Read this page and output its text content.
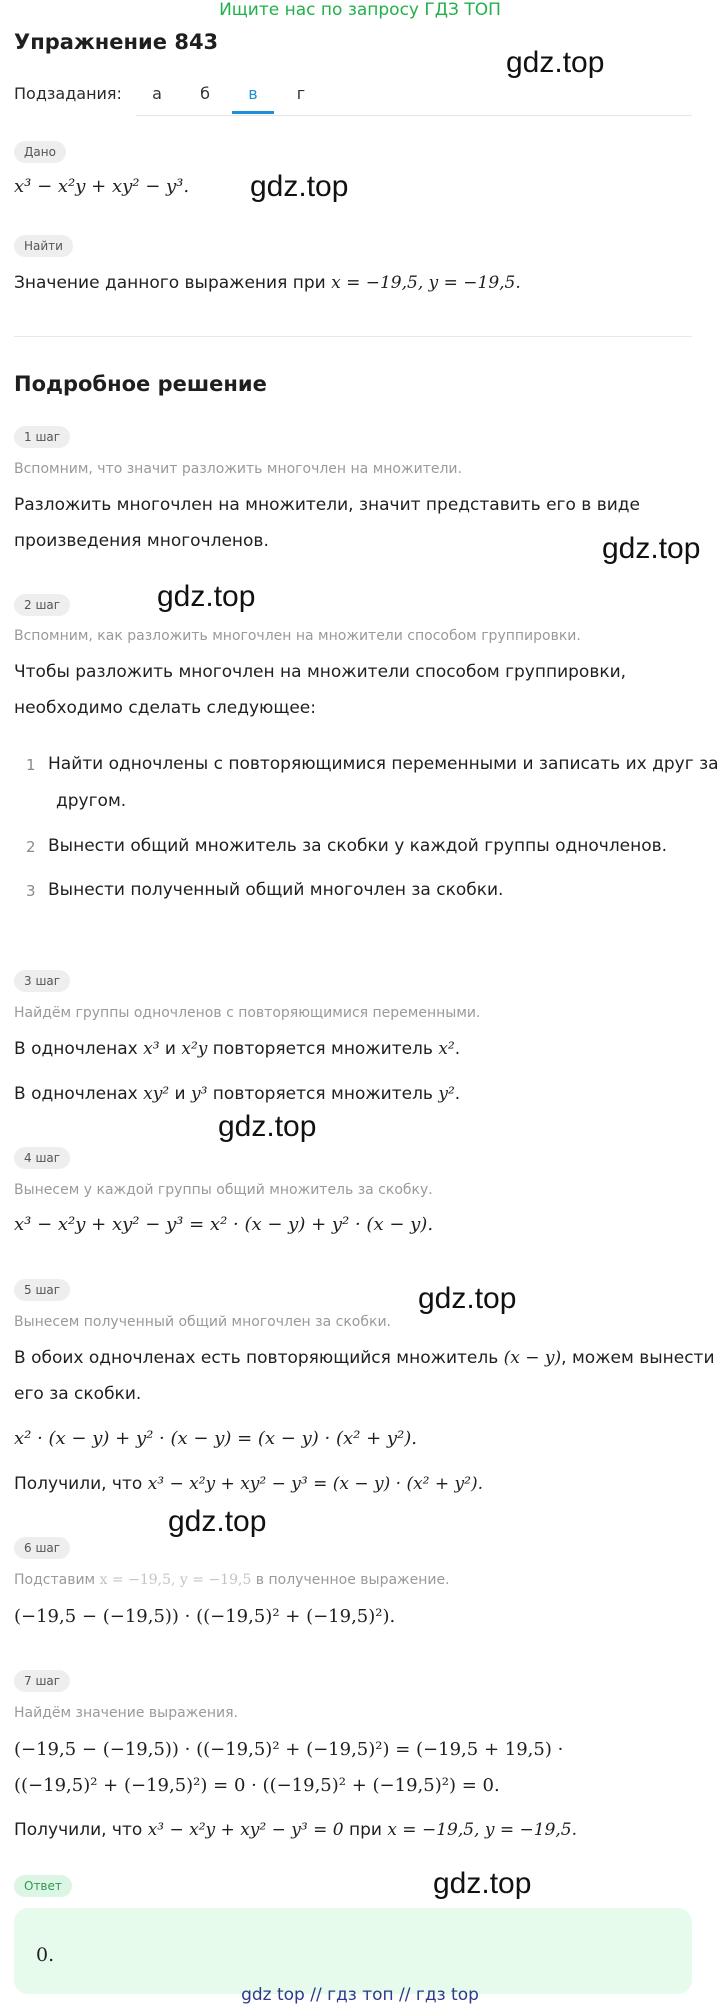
Ищите нас по запросу ГДЗ ТОП
Упражнение 843
Подзадания:	а	б	в	г
Дано
x³ − x²y + xy² − y³.
Найти
Значение данного выражения при x = −19,5, y = −19,5.
Подробное решение
1 шаг
Вспомним, что значит разложить многочлен на множители.
Разложить многочлен на множители, значит представить его в виде
произведения многочленов.
2 шаг
Вспомним, как разложить многочлен на множители способом группировки.
Чтобы разложить многочлен на множители способом группировки,
необходимо сделать следующее:
1 Найти одночлены с повторяющимися переменными и записать их друг за
другом.
2 Вынести общий множитель за скобки у каждой группы одночленов.
3 Вынести полученный общий многочлен за скобки.
3 шаг
Найдём группы одночленов с повторяющимися переменными.
В одночленах x³ и x²y повторяется множитель x².
В одночленах xy² и y³ повторяется множитель y².
4 шаг
Вынесем у каждой группы общий множитель за скобку.
x³ − x²y + xy² − y³ = x² · (x − y) + y² · (x − y).
5 шаг
Вынесем полученный общий многочлен за скобки.
В обоих одночленах есть повторяющийся множитель (x − y), можем вынести
его за скобки.
x² · (x − y) + y² · (x − y) = (x − y) · (x² + y²).
Получили, что x³ − x²y + xy² − y³ = (x − y) · (x² + y²).
6 шаг
Подставим x = −19,5, y = −19,5 в полученное выражение.
(−19,5 − (−19,5)) · ((−19,5)² + (−19,5)²).
7 шаг
Найдём значение выражения.
(−19,5 − (−19,5)) · ((−19,5)² + (−19,5)²) = (−19,5 + 19,5) ·
((−19,5)² + (−19,5)²) = 0 · ((−19,5)² + (−19,5)²) = 0.
Получили, что x³ − x²y + xy² − y³ = 0 при x = −19,5, y = −19,5.
Ответ
0.
gdz.top
gdz.top
gdz.top
gdz.top
gdz.top
gdz.top
gdz.top
gdz.top
gdz top // гдз топ // гдз top
